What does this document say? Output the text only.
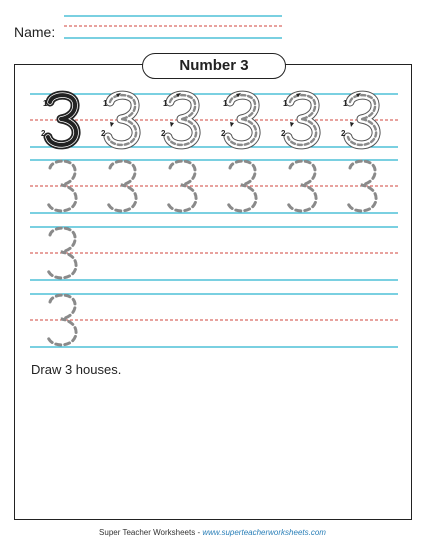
Name:
Number 3
1
2
1
2
1
2
1
2
1
2
1
2
Draw 3 houses.
Super Teacher Worksheets - www.superteacherworksheets.com
